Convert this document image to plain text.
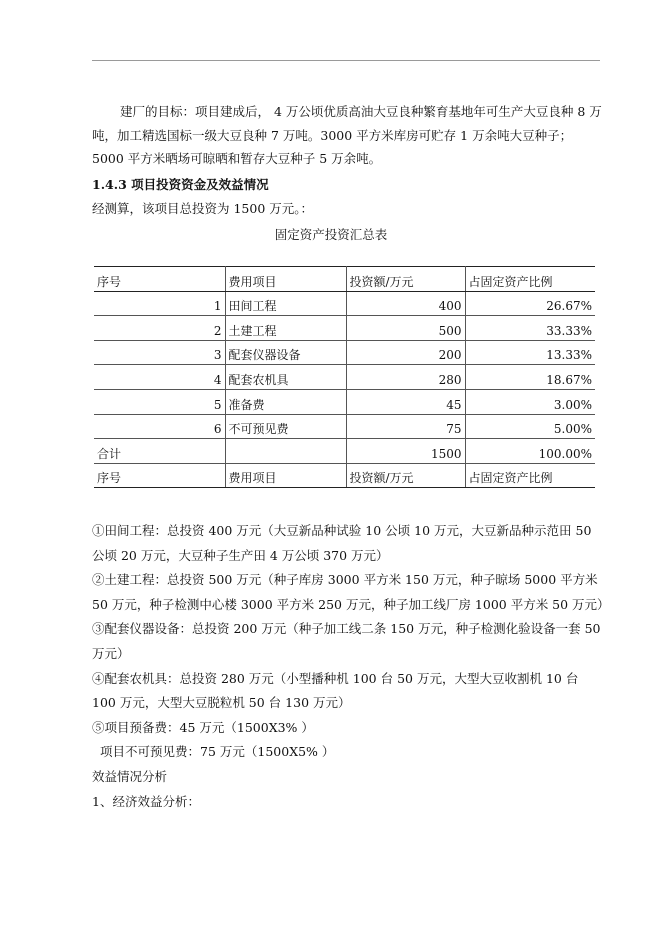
建厂的目标：项目建成后， 4 万公顷优质高油大豆良种繁育基地年可生产大豆良种 8 万吨，加工精选国标一级大豆良种 7 万吨。3000 平方米库房可贮存 1 万余吨大豆种子；5000 平方米晒场可晾晒和暂存大豆种子 5 万余吨。
1.4.3 项目投资资金及效益情况
经测算，该项目总投资为 1500 万元。：
固定资产投资汇总表
序号	费用项目	投资额/万元	占固定资产比例
1	田间工程	400	26.67%
2	土建工程	500	33.33%
3	配套仪器设备	200	13.33%
4	配套农机具	280	18.67%
5	准备费	45	3.00%
6	不可预见费	75	5.00%
合计		1500	100.00%
序号	费用项目	投资额/万元	占固定资产比例

①田间工程：总投资 400 万元（大豆新品种试验 10 公顷 10 万元，大豆新品种示范田 50 公顷 20 万元，大豆种子生产田 4 万公顷 370 万元）

②土建工程：总投资 500 万元（种子库房 3000 平方米 150 万元，种子晾场 5000 平方米 50 万元，种子检测中心楼 3000 平方米 250 万元，种子加工线厂房 1000 平方米 50 万元）

③配套仪器设备：总投资 200 万元（种子加工线二条 150 万元，种子检测化验设备一套 50 万元）

④配套农机具：总投资 280 万元（小型播种机 100 台 50 万元，大型大豆收割机 10 台 100 万元，大型大豆脱粒机 50 台 130 万元）

⑤项目预备费：45 万元（1500X3% ）

项目不可预见费：75 万元（1500X5% ）

效益情况分析

1、经济效益分析：
